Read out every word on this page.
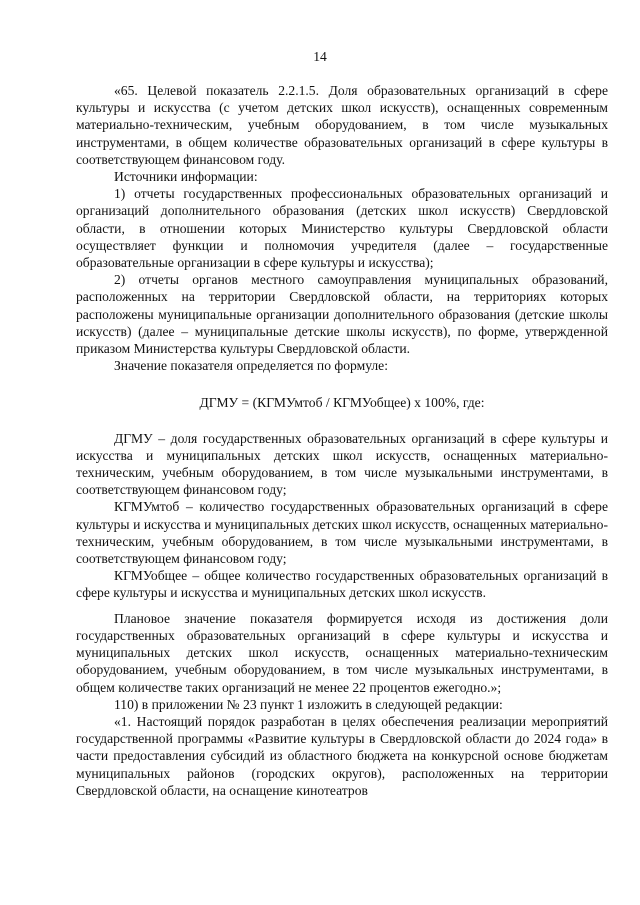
14

«65. Целевой показатель 2.2.1.5. Доля образовательных организаций в сфере культуры и искусства (с учетом детских школ искусств), оснащенных современным материально-техническим, учебным оборудованием, в том числе музыкальных инструментами, в общем количестве образовательных организаций в сфере культуры в соответствующем финансовом году.

Источники информации:

1) отчеты государственных профессиональных образовательных организаций и организаций дополнительного образования (детских школ искусств) Свердловской области, в отношении которых Министерство культуры Свердловской области осуществляет функции и полномочия учредителя (далее – государственные образовательные организации в сфере культуры и искусства);

2) отчеты органов местного самоуправления муниципальных образований, расположенных на территории Свердловской области, на территориях которых расположены муниципальные организации дополнительного образования (детские школы искусств) (далее – муниципальные детские школы искусств), по форме, утвержденной приказом Министерства культуры Свердловской области.

Значение показателя определяется по формуле:

ДГМУ = (КГМУмтоб / КГМУобщее) x 100%, где:

ДГМУ – доля государственных образовательных организаций в сфере культуры и искусства и муниципальных детских школ искусств, оснащенных материально-техническим, учебным оборудованием, в том числе музыкальными инструментами, в соответствующем финансовом году;

КГМУмтоб – количество государственных образовательных организаций в сфере культуры и искусства и муниципальных детских школ искусств, оснащенных материально-техническим, учебным оборудованием, в том числе музыкальными инструментами, в соответствующем финансовом году;

КГМУобщее – общее количество государственных образовательных организаций в сфере культуры и искусства и муниципальных детских школ искусств.

Плановое значение показателя формируется исходя из достижения доли государственных образовательных организаций в сфере культуры и искусства и муниципальных детских школ искусств, оснащенных материально-техническим оборудованием, учебным оборудованием, в том числе музыкальных инструментами, в общем количестве таких организаций не менее 22 процентов ежегодно.»;

110) в приложении № 23 пункт 1 изложить в следующей редакции:

«1. Настоящий порядок разработан в целях обеспечения реализации мероприятий государственной программы «Развитие культуры в Свердловской области до 2024 года» в части предоставления субсидий из областного бюджета на конкурсной основе бюджетам муниципальных районов (городских округов), расположенных на территории Свердловской области, на оснащение кинотеатров
